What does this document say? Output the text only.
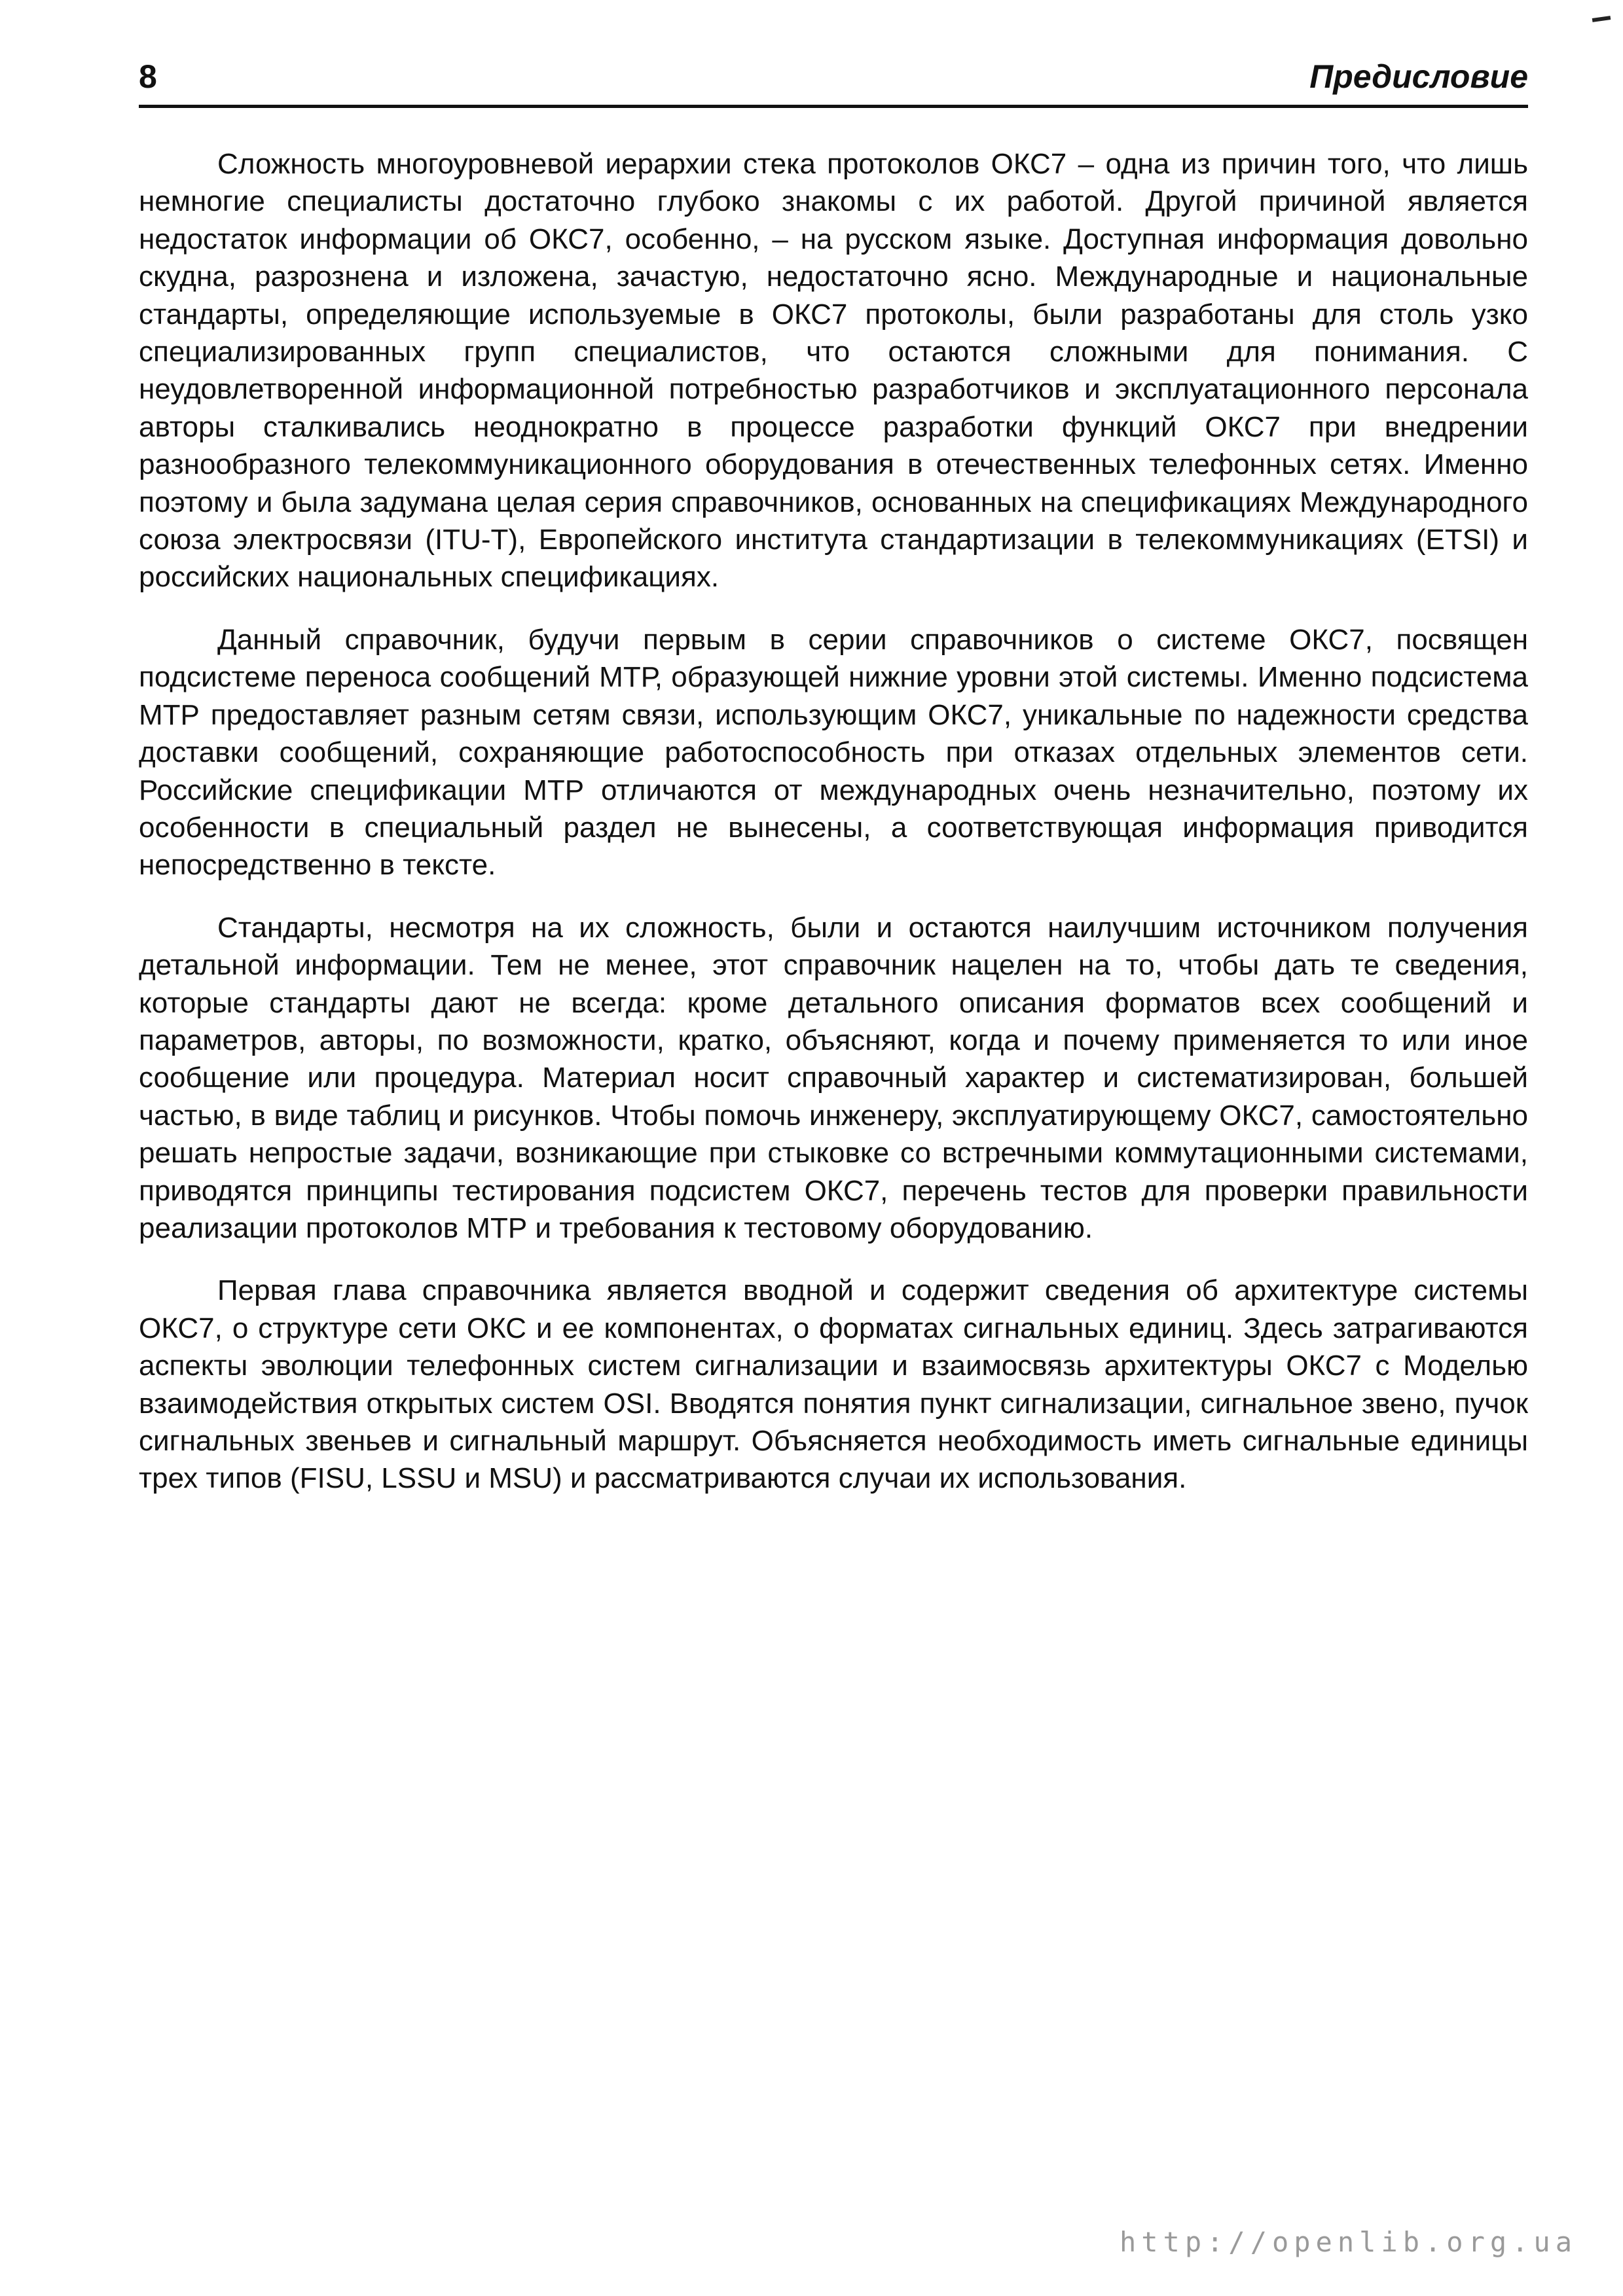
8	Предисловие

Сложность многоуровневой иерархии стека протоколов ОКС7 – одна из причин того, что лишь немногие специалисты достаточно глубоко знакомы с их работой. Другой причиной является недостаток информации об ОКС7, особенно, – на русском языке. Доступная информация довольно скудна, разрознена и изложена, зачастую, недостаточно ясно. Международные и национальные стандарты, определяющие используемые в ОКС7 протоколы, были разработаны для столь узко специализированных групп специалистов, что остаются сложными для понимания. С неудовлетворенной информационной потребностью разработчиков и эксплуатационного персонала авторы сталкивались неоднократно в процессе разработки функций ОКС7 при внедрении разнообразного телекоммуникационного оборудования в отечественных телефонных сетях. Именно поэтому и была задумана целая серия справочников, основанных на спецификациях Международного союза электросвязи (ITU-T), Европейского института стандартизации в телекоммуникациях (ETSI) и российских национальных спецификациях.

Данный справочник, будучи первым в серии справочников о системе ОКС7, посвящен подсистеме переноса сообщений МТР, образующей нижние уровни этой системы. Именно подсистема МТР предоставляет разным сетям связи, использующим ОКС7, уникальные по надежности средства доставки сообщений, сохраняющие работоспособность при отказах отдельных элементов сети. Российские спецификации МТР отличаются от международных очень незначительно, поэтому их особенности в специальный раздел не вынесены, а соответствующая информация приводится непосредственно в тексте.

Стандарты, несмотря на их сложность, были и остаются наилучшим источником получения детальной информации. Тем не менее, этот справочник нацелен на то, чтобы дать те сведения, которые стандарты дают не всегда: кроме детального описания форматов всех сообщений и параметров, авторы, по возможности, кратко, объясняют, когда и почему применяется то или иное сообщение или процедура. Материал носит справочный характер и систематизирован, большей частью, в виде таблиц и рисунков. Чтобы помочь инженеру, эксплуатирующему ОКС7, самостоятельно решать непростые задачи, возникающие при стыковке со встречными коммутационными системами, приводятся принципы тестирования подсистем ОКС7, перечень тестов для проверки правильности реализации протоколов МТР и требования к тестовому оборудованию.

Первая глава справочника является вводной и содержит сведения об архитектуре системы ОКС7, о структуре сети ОКС и ее компонентах, о форматах сигнальных единиц. Здесь затрагиваются аспекты эволюции телефонных систем сигнализации и взаимосвязь архитектуры ОКС7 с Моделью взаимодействия открытых систем OSI. Вводятся понятия пункт сигнализации, сигнальное звено, пучок сигнальных звеньев и сигнальный маршрут. Объясняется необходимость иметь сигнальные единицы трех типов (FISU, LSSU и MSU) и рассматриваются случаи их использования.

http://openlib.org.ua
